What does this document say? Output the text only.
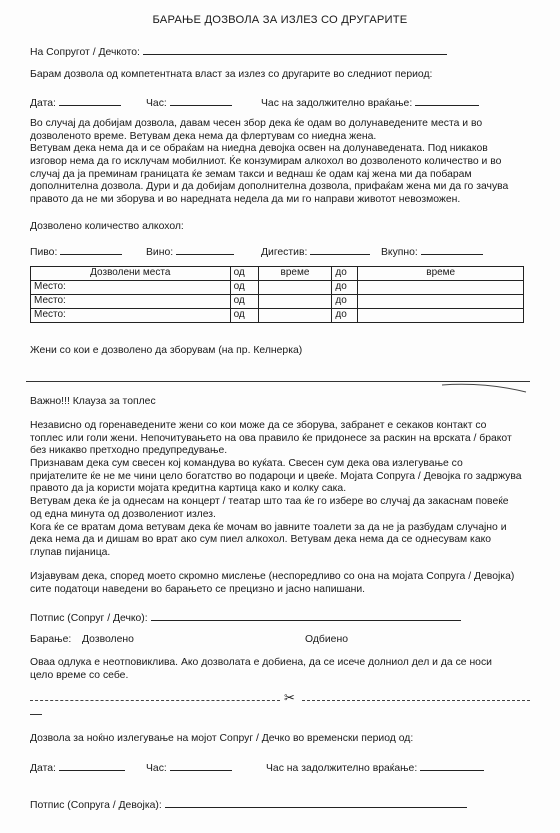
БАРАЊЕ ДОЗВОЛА ЗА ИЗЛЕЗ СО ДРУГАРИТЕ
На Сопругот / Дечкото:
Барам дозвола од компетентната власт за излез со другарите во следниот период:
Дата:	Час:	Час на задолжително враќање:

Во случај да добијам дозвола, давам чесен збор дека ќе одам во долунаведените места и во

дозволеното време. Ветувам дека нема да флертувам со ниедна жена.

Ветувам дека нема да и се обраќам на ниедна девојка освен на долунаведената. Под никаков

изговор нема да го исклучам мобилниот. Ќе конзумирам алкохол во дозволеното количество и во

случај да ја преминам границата ќе земам такси и веднаш ќе одам кај жена ми да побарам

дополнителна дозвола. Дури и да добијам дополнителна дозвола, прифаќам жена ми да го зачува

правото да не ми зборува и во наредната недела да ми го направи животот невозможен.

Дозволено количество алкохол:
Пиво:	Вино:	Дигестив:	Вкупно:
Дозволени места	од	време	до	време
Место:	од		до	
Место:	од		до	
Место:	од		до	
Жени со кои е дозволено да зборувам (на пр. Келнерка)
Важно!!! Клауза за топлес

Независно од горенаведените жени со кои може да се зборува, забранет е секаков контакт со

топлес или голи жени. Непочитувањето на ова правило ќе придонесе за раскин на врската / бракот

без никакво претходно предупредување.

Признавам дека сум свесен кој командува во куќата. Свесен сум дека ова излегување со

пријателите ќе не ме чини цело богатство во подароци и цвеќе. Мојата Сопруга / Девојка го задржува

правото да ја користи мојата кредитна картица како и колку сака.

Ветувам дека ќе ја однесам на концерт / театар што таа ќе го избере во случај да закаснам повеќе

од една минута од дозволениот излез.

Кога ќе се вратам дома ветувам дека ќе мочам во јавните тоалети за да не ја разбудам случајно и

дека нема да и дишам во врат ако сум пиел алкохол. Ветувам дека нема да се однесувам како

глупав пијаница.

Изјавувам дека, според моето скромно мислење (неспоредливо со она на мојата Сопруга / Девојка)

сите податоци наведени во барањето се прецизно и јасно напишани.

Потпис (Сопруг / Дечко):
Барање: Дозволено	Одбиено

Оваа одлука е неотповиклива. Ако дозволата е добиена, да се исече долниол дел и да се носи

цело време со себе.

✂
Дозвола за ноќно излегување на мојот Сопруг / Дечко во временски период од:
Дата:	Час:	Час на задолжително враќање:
Потпис (Сопруга / Девојка):
